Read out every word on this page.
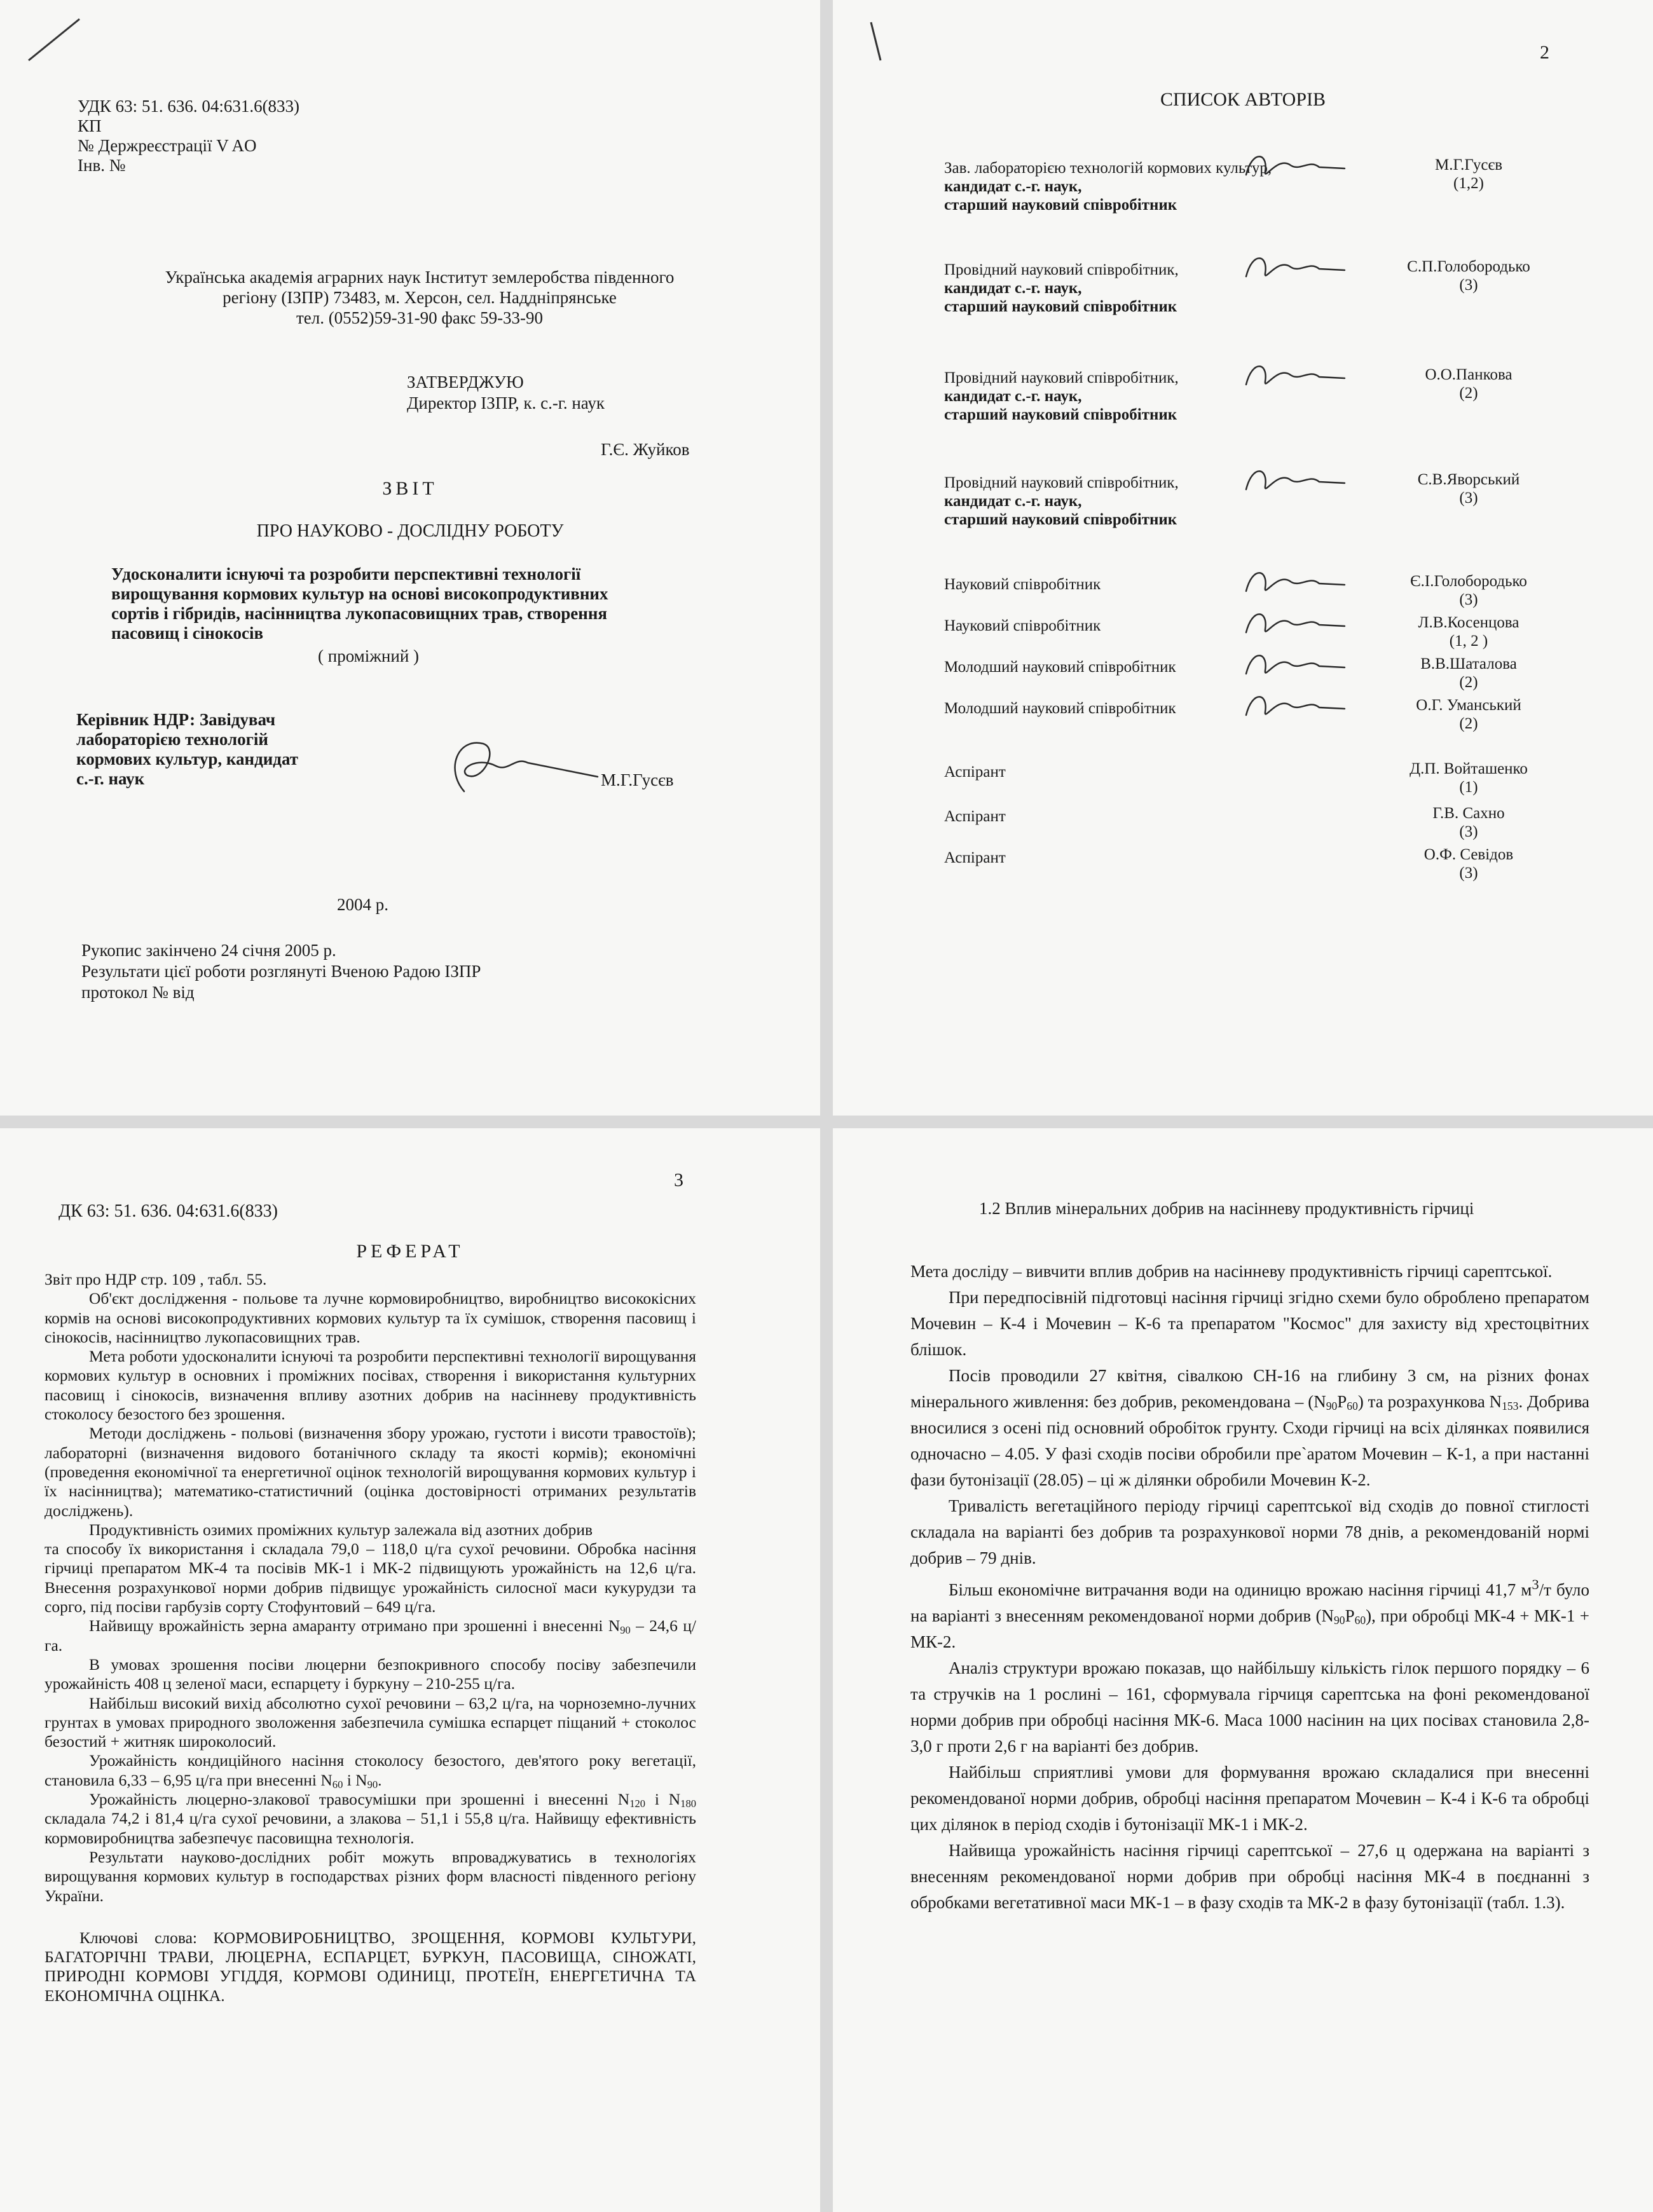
УДК 63: 51. 636. 04:631.6(833)
КП
№ Держреєстрації V AO
Інв. №
Українська академія аграрних наук Інститут землеробства південного
регіону (ІЗПР) 73483, м. Херсон, сел. Наддніпрянське
тел. (0552)59-31-90 факс 59-33-90
ЗАТВЕРДЖУЮ
Директор ІЗПР, к. с.-г. наук
Г.Є. Жуйков
ЗВІТ
ПРО НАУКОВО - ДОСЛІДНУ РОБОТУ
Удосконалити існуючі та розробити перспективні технології вирощування кормових культур на основі високопродуктивних сортів і гібридів, насінництва лукопасовищних трав, створення пасовищ і сінокосів
( проміжний )
Керівник НДР: Завідувач
лабораторією технологій
кормових культур, кандидат
с.-г. наук	М.Г.Гусєв
2004 р.
Рукопис закінчено 24 січня 2005 р.
Результати цієї роботи розглянуті Вченою Радою ІЗПР
протокол № від
2
СПИСОК АВТОРІВ
Зав. лабораторією технологій кормових культур,
кандидат с.-г. наук,
старший науковий співробітник
М.Г.Гусєв
(1,2)
Провідний науковий співробітник,
кандидат с.-г. наук,
старший науковий співробітник
С.П.Голобородько
(3)
Провідний науковий співробітник,
кандидат с.-г. наук,
старший науковий співробітник
О.О.Панкова
(2)
Провідний науковий співробітник,
кандидат с.-г. наук,
старший науковий співробітник
С.В.Яворський
(3)
Науковий співробітник	Є.І.Голобородько
(3)
Науковий співробітник	Л.В.Косенцова
(1, 2 )
Молодший науковий співробітник	В.В.Шаталова
(2)
Молодший науковий співробітник	О.Г. Уманський
(2)
Аспірант	Д.П. Войташенко
(1)
Аспірант	Г.В. Сахно
(3)
Аспірант	О.Ф. Севідов
(3)
3
ДК 63: 51. 636. 04:631.6(833)
РЕФЕРАТ

Звіт про НДР стр. 109 , табл. 55.

Об'єкт дослідження - польове та лучне кормовиробництво, виробництво висококісних кормів на основі високопродуктивних кормових культур та їх сумішок, створення пасовищ і сінокосів, насінництво лукопасовищних трав.

Мета роботи удосконалити існуючі та розробити перспективні технології вирощування кормових культур в основних і проміжних посівах, створення і використання культурних пасовищ і сінокосів, визначення впливу азотних добрив на насінневу продуктивність стоколосу безостого без зрошення.

Методи досліджень - польові (визначення збору урожаю, густоти і висоти травостоїв); лабораторні (визначення видового ботанічного складу та якості кормів); економічні (проведення економічної та енергетичної оцінок технологій вирощування кормових культур і їх насінництва); математико-статистичний (оцінка достовірності отриманих результатів досліджень).

Продуктивність озимих проміжних культур залежала від азотних добрив

та способу їх використання і складала 79,0 – 118,0 ц/га сухої речовини. Обробка насіння гірчиці препаратом МК-4 та посівів МК-1 і МК-2 підвищують урожайність на 12,6 ц/га. Внесення розрахункової норми добрив підвищує урожайність силосної маси кукурудзи та сорго, під посіви гарбузів сорту Стофунтовий – 649 ц/га.

Найвищу врожайність зерна амаранту отримано при зрошенні і внесенні $N_{90} - 24,6$ ц/га.

В умовах зрошення посіви люцерни безпокривного способу посіву забезпечили урожайність 408 ц зеленої маси, еспарцету і буркуну – 210-255 ц/га.

Найбільш високий вихід абсолютно сухої речовини – 63,2 ц/га, на чорноземно-лучних грунтах в умовах природного зволоження забезпечила сумішка еспарцет піщаний + стоколос безостий + житняк широколосий.

Урожайність кондиційного насіння стоколосу безостого, дев'ятого року вегетації, становила 6,33 – 6,95 ц/га при внесенні $N_{60}$ і $N_{90}$.

Урожайність люцерно-злакової травосумішки при зрошенні і внесенні $N_{120}$ і $N_{180}$ складала 74,2 і 81,4 ц/га сухої речовини, а злакова – 51,1 і 55,8 ц/га. Найвищу ефективність кормовиробництва забезпечує пасовищна технологія.

Результати науково-дослідних робіт можуть впроваджуватись в технологіях вирощування кормових культур в господарствах різних форм власності південного регіону України.

Ключові слова: КОРМОВИРОБНИЦТВО, ЗРОЩЕННЯ, КОРМОВІ КУЛЬТУРИ, БАГАТОРІЧНІ ТРАВИ, ЛЮЦЕРНА, ЕСПАРЦЕТ, БУРКУН, ПАСОВИЩА, СІНОЖАТІ, ПРИРОДНІ КОРМОВІ УГІДДЯ, КОРМОВІ ОДИНИЦІ, ПРОТЕЇН, ЕНЕРГЕТИЧНА ТА ЕКОНОМІЧНА ОЦІНКА.

1.2 Вплив мінеральних добрив на насінневу продуктивність гірчиці

Мета досліду – вивчити вплив добрив на насінневу продуктивність гірчиці сарептської.

При передпосівній підготовці насіння гірчиці згідно схеми було оброблено препаратом Мочевин – К-4 і Мочевин – К-6 та препаратом "Космос" для захисту від хрестоцвітних блішок.

Посів проводили 27 квітня, сівалкою СН-16 на глибину 3 см, на різних фонах мінерального живлення: без добрив, рекомендована – $(N_{90}P_{60})$ та розрахункова $N_{153}$. Добрива вносилися з осені під основний обробіток грунту. Сходи гірчиці на всіх ділянках появилися одночасно – 4.05. У фазі сходів посіви обробили пре`аратом Мочевин – К-1, а при настанні фази бутонізації (28.05) – ці ж ділянки обробили Мочевин К-2.

Тривалість вегетаційного періоду гірчиці сарептської від сходів до повної стиглості складала на варіанті без добрив та розрахункової норми 78 днів, а рекомендованій нормі добрив – 79 днів.

Більш економічне витрачання води на одиницю врожаю насіння гірчиці 41,7 $м^3/т$ було на варіанті з внесенням рекомендованої норми добрив $(N_{90}P_{60})$, при обробці МК-4 + МК-1 + МК-2.

Аналіз структури врожаю показав, що найбільшу кількість гілок першого порядку – 6 та стручків на 1 рослині – 161, сформувала гірчиця сарептська на фоні рекомендованої норми добрив при обробці насіння МК-6. Маса 1000 насінин на цих посівах становила 2,8-3,0 г проти 2,6 г на варіанті без добрив.

Найбільш сприятливі умови для формування врожаю складалися при внесенні рекомендованої норми добрив, обробці насіння препаратом Мочевин – К-4 і К-6 та обробці цих ділянок в період сходів і бутонізації МК-1 і МК-2.

Найвища урожайність насіння гірчиці сарептської – 27,6 ц одержана на варіанті з внесенням рекомендованої норми добрив при обробці насіння МК-4 в поєднанні з обробками вегетативної маси МК-1 – в фазу сходів та МК-2 в фазу бутонізації (табл. 1.3).
